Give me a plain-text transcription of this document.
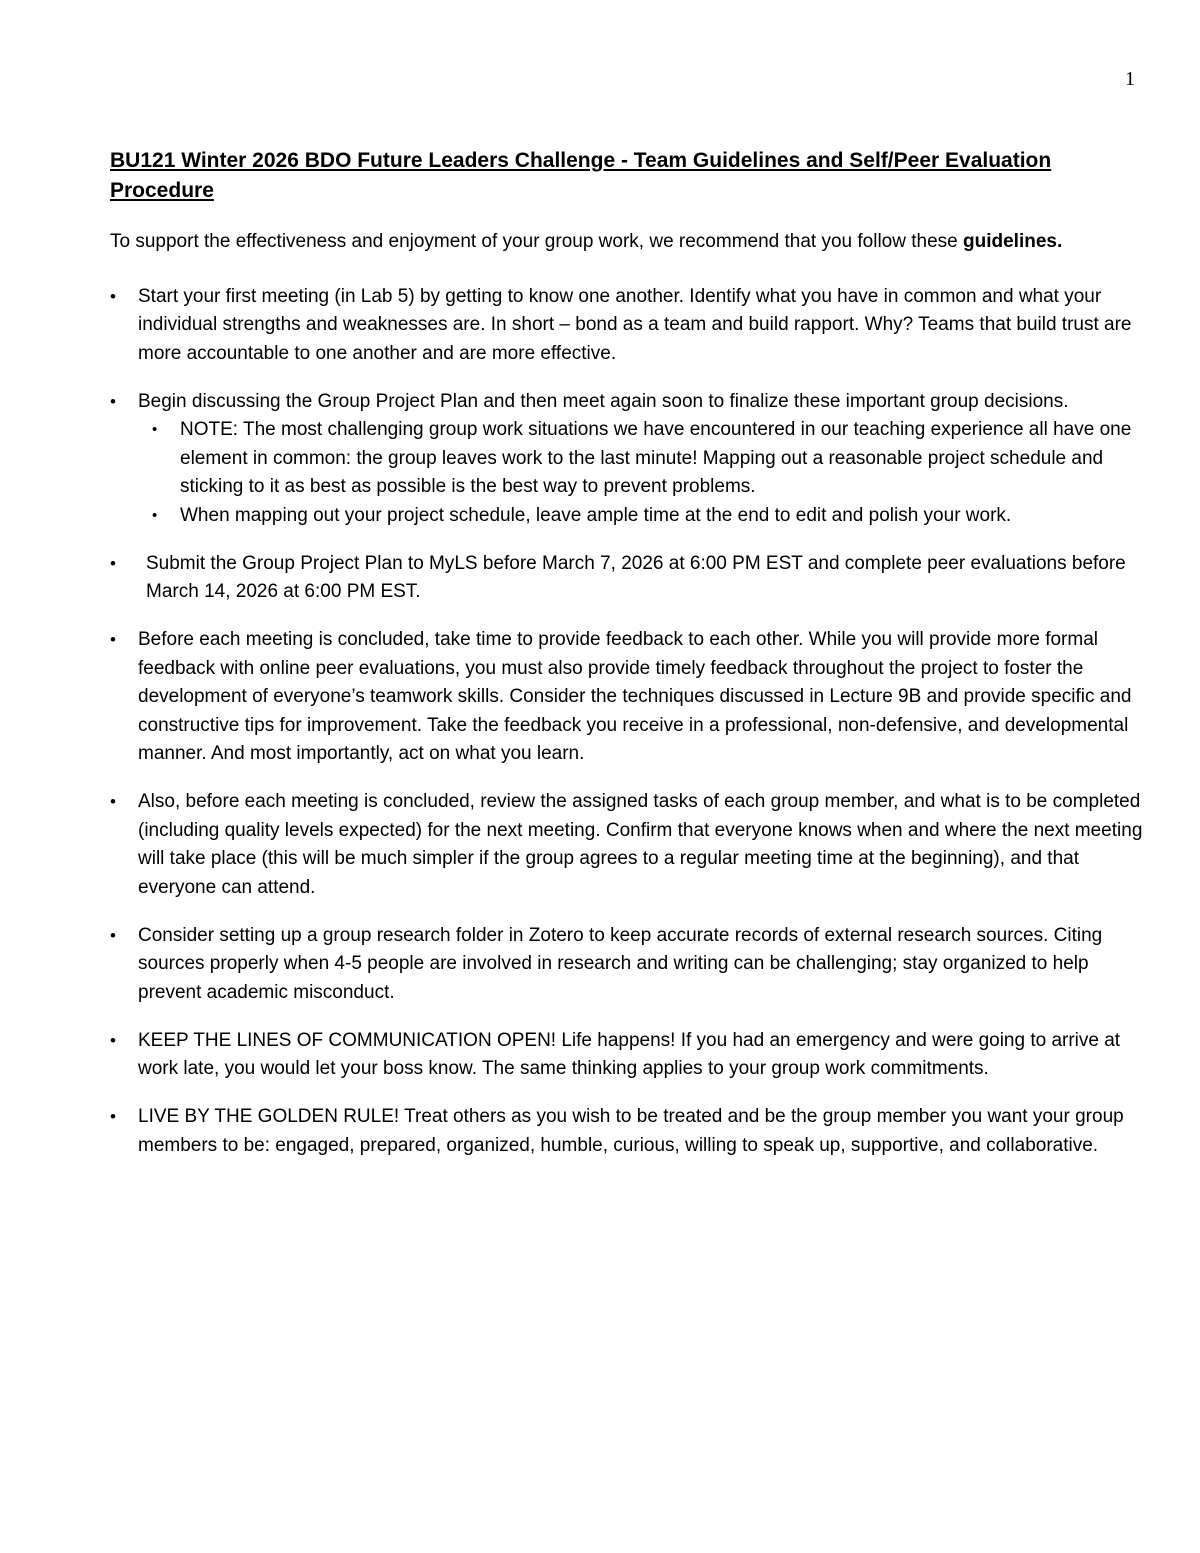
1
BU121 Winter 2026 BDO Future Leaders Challenge - Team Guidelines and Self/Peer Evaluation Procedure

To support the effectiveness and enjoyment of your group work, we recommend that you follow these guidelines.

• Start your first meeting (in Lab 5) by getting to know one another. Identify what you have in common and what your individual strengths and weaknesses are. In short – bond as a team and build rapport. Why? Teams that build trust are more accountable to one another and are more effective.
• Begin discussing the Group Project Plan and then meet again soon to finalize these important group decisions.
• NOTE: The most challenging group work situations we have encountered in our teaching experience all have one element in common: the group leaves work to the last minute! Mapping out a reasonable project schedule and sticking to it as best as possible is the best way to prevent problems.
• When mapping out your project schedule, leave ample time at the end to edit and polish your work.
• Submit the Group Project Plan to MyLS before March 7, 2026 at 6:00 PM EST and complete peer evaluations before March 14, 2026 at 6:00 PM EST.
• Before each meeting is concluded, take time to provide feedback to each other. While you will provide more formal feedback with online peer evaluations, you must also provide timely feedback throughout the project to foster the development of everyone’s teamwork skills. Consider the techniques discussed in Lecture 9B and provide specific and constructive tips for improvement. Take the feedback you receive in a professional, non-defensive, and developmental manner. And most importantly, act on what you learn.
• Also, before each meeting is concluded, review the assigned tasks of each group member, and what is to be completed (including quality levels expected) for the next meeting. Confirm that everyone knows when and where the next meeting will take place (this will be much simpler if the group agrees to a regular meeting time at the beginning), and that everyone can attend.
• Consider setting up a group research folder in Zotero to keep accurate records of external research sources. Citing sources properly when 4-5 people are involved in research and writing can be challenging; stay organized to help prevent academic misconduct.
• KEEP THE LINES OF COMMUNICATION OPEN! Life happens! If you had an emergency and were going to arrive at work late, you would let your boss know. The same thinking applies to your group work commitments.
• LIVE BY THE GOLDEN RULE! Treat others as you wish to be treated and be the group member you want your group members to be: engaged, prepared, organized, humble, curious, willing to speak up, supportive, and collaborative.
